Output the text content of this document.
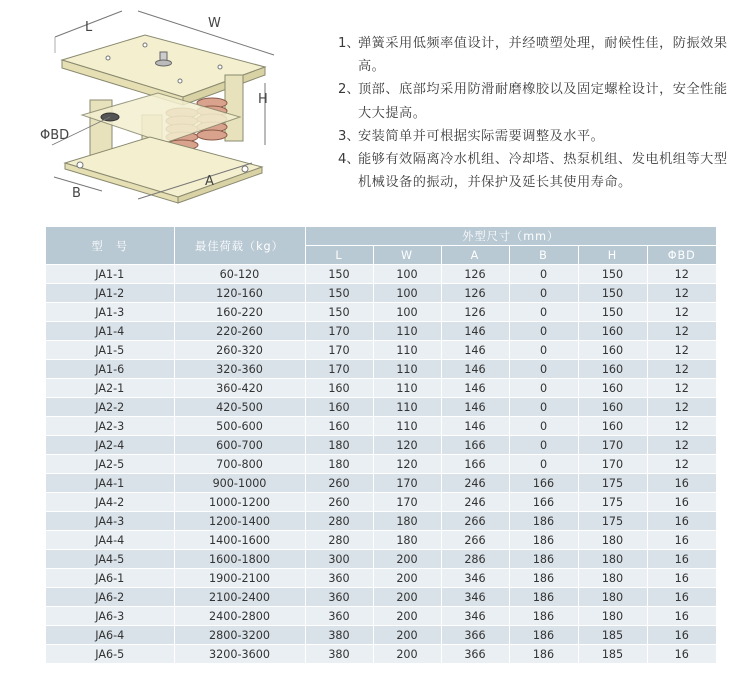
L	W
H
B
A
ΦBD
1、
弹簧采用低频率值设计，并经喷塑处理，耐候性佳，防振效果高。
2、
顶部、底部均采用防滑耐磨橡胶以及固定螺栓设计，安全性能大大提高。
3、
安装简单并可根据实际需要调整及水平。
4、
能够有效隔离冷水机组、冷却塔、热泵机组、发电机组等大型机械设备的振动，并保护及延长其使用寿命。
型　号	最佳荷载（kg）	外型尺寸（mm）					
		L	W	A	B	H	ΦBD
JA1-1	60-120	150	100	126	0	150	12
JA1-2	120-160	150	100	126	0	150	12
JA1-3	160-220	150	100	126	0	150	12
JA1-4	220-260	170	110	146	0	160	12
JA1-5	260-320	170	110	146	0	160	12
JA1-6	320-360	170	110	146	0	160	12
JA2-1	360-420	160	110	146	0	160	12
JA2-2	420-500	160	110	146	0	160	12
JA2-3	500-600	160	110	146	0	160	12
JA2-4	600-700	180	120	166	0	170	12
JA2-5	700-800	180	120	166	0	170	12
JA4-1	900-1000	260	170	246	166	175	16
JA4-2	1000-1200	260	170	246	166	175	16
JA4-3	1200-1400	280	180	266	186	175	16
JA4-4	1400-1600	280	180	266	186	180	16
JA4-5	1600-1800	300	200	286	186	180	16
JA6-1	1900-2100	360	200	346	186	180	16
JA6-2	2100-2400	360	200	346	186	180	16
JA6-3	2400-2800	360	200	346	186	180	16
JA6-4	2800-3200	380	200	366	186	185	16
JA6-5	3200-3600	380	200	366	186	185	16
